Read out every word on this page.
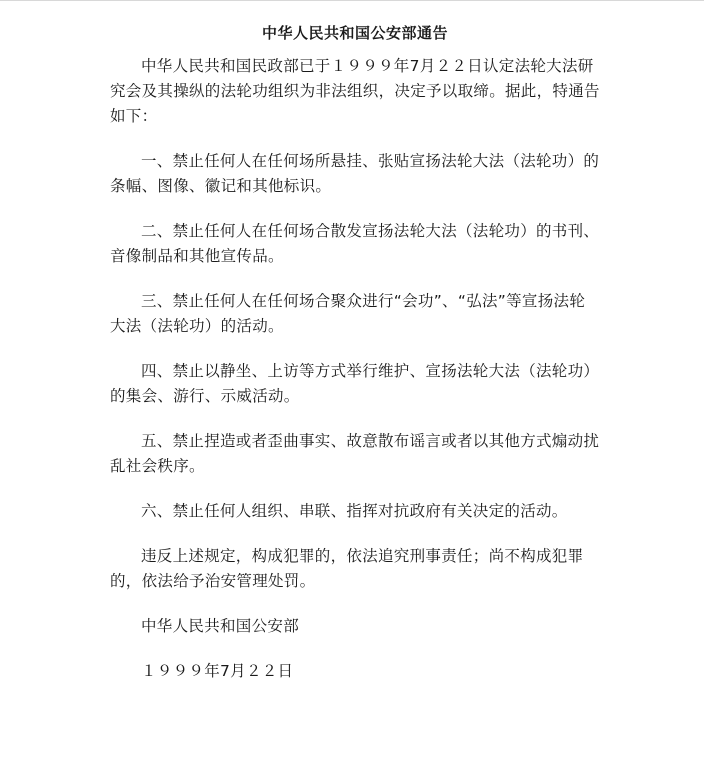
中华人民共和国公安部通告

中华人民共和国民政部已于１９９９年7月２２日认定法轮大法研究会及其操纵的法轮功组织为非法组织，决定予以取缔。据此，特通告如下：

一、禁止任何人在任何场所悬挂、张贴宣扬法轮大法（法轮功）的条幅、图像、徽记和其他标识。

二、禁止任何人在任何场合散发宣扬法轮大法（法轮功）的书刊、音像制品和其他宣传品。

三、禁止任何人在任何场合聚众进行“会功”、“弘法”等宣扬法轮大法（法轮功）的活动。

四、禁止以静坐、上访等方式举行维护、宣扬法轮大法（法轮功）的集会、游行、示威活动。

五、禁止捏造或者歪曲事实、故意散布谣言或者以其他方式煽动扰乱社会秩序。

六、禁止任何人组织、串联、指挥对抗政府有关决定的活动。

违反上述规定，构成犯罪的，依法追究刑事责任；尚不构成犯罪的，依法给予治安管理处罚。

中华人民共和国公安部

１９９９年7月２２日
